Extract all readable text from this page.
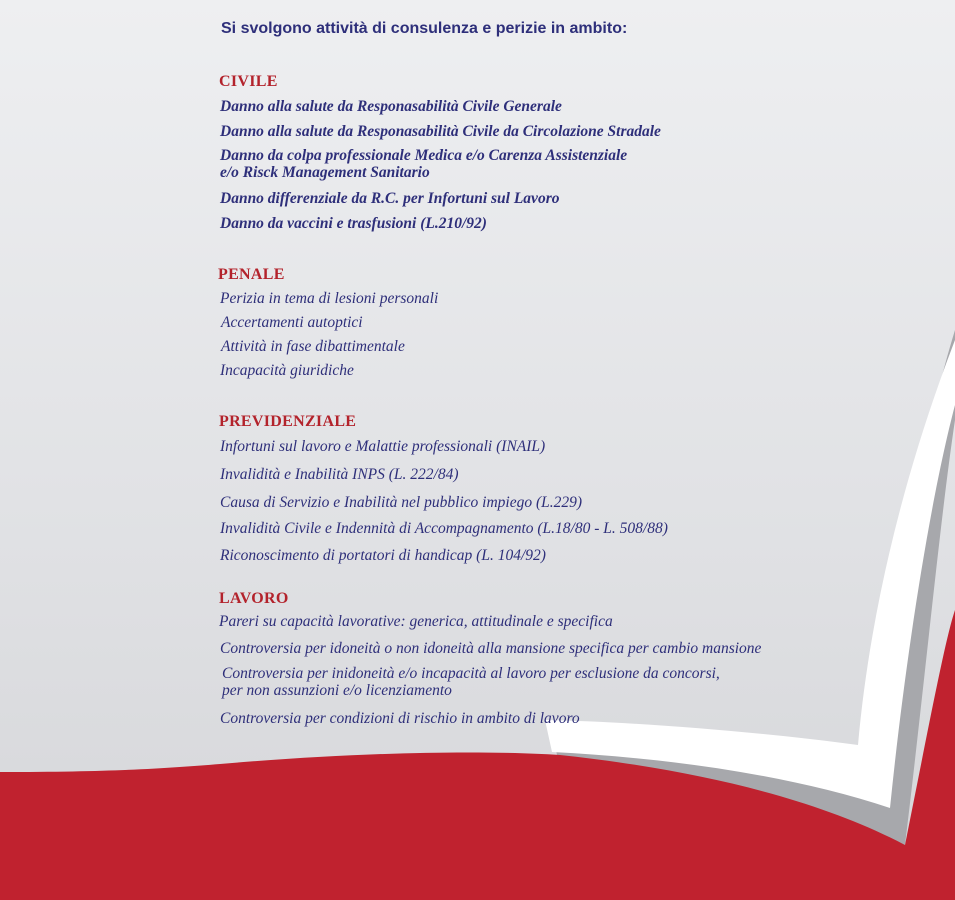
Si svolgono attività di consulenza e perizie in ambito:
CIVILE
Danno alla salute da Responasabilità Civile Generale
Danno alla salute da Responasabilità Civile da Circolazione Stradale
Danno da colpa professionale Medica e/o Carenza Assistenziale
e/o Risck Management Sanitario
Danno differenziale da R.C. per Infortuni sul Lavoro
Danno da vaccini e trasfusioni (L.210/92)
PENALE
Perizia in tema di lesioni personali
Accertamenti autoptici
Attività in fase dibattimentale
Incapacità giuridiche
PREVIDENZIALE
Infortuni sul lavoro e Malattie professionali (INAIL)
Invalidità e Inabilità INPS (L. 222/84)
Causa di Servizio e Inabilità nel pubblico impiego (L.229)
Invalidità Civile e Indennità di Accompagnamento (L.18/80 - L. 508/88)
Riconoscimento di portatori di handicap (L. 104/92)
LAVORO
Pareri su capacità lavorative: generica, attitudinale e specifica
Controversia per idoneità o non idoneità alla mansione specifica per cambio mansione
Controversia per inidoneità e/o incapacità al lavoro per esclusione da concorsi,
per non assunzioni e/o licenziamento
Controversia per condizioni di rischio in ambito di lavoro
